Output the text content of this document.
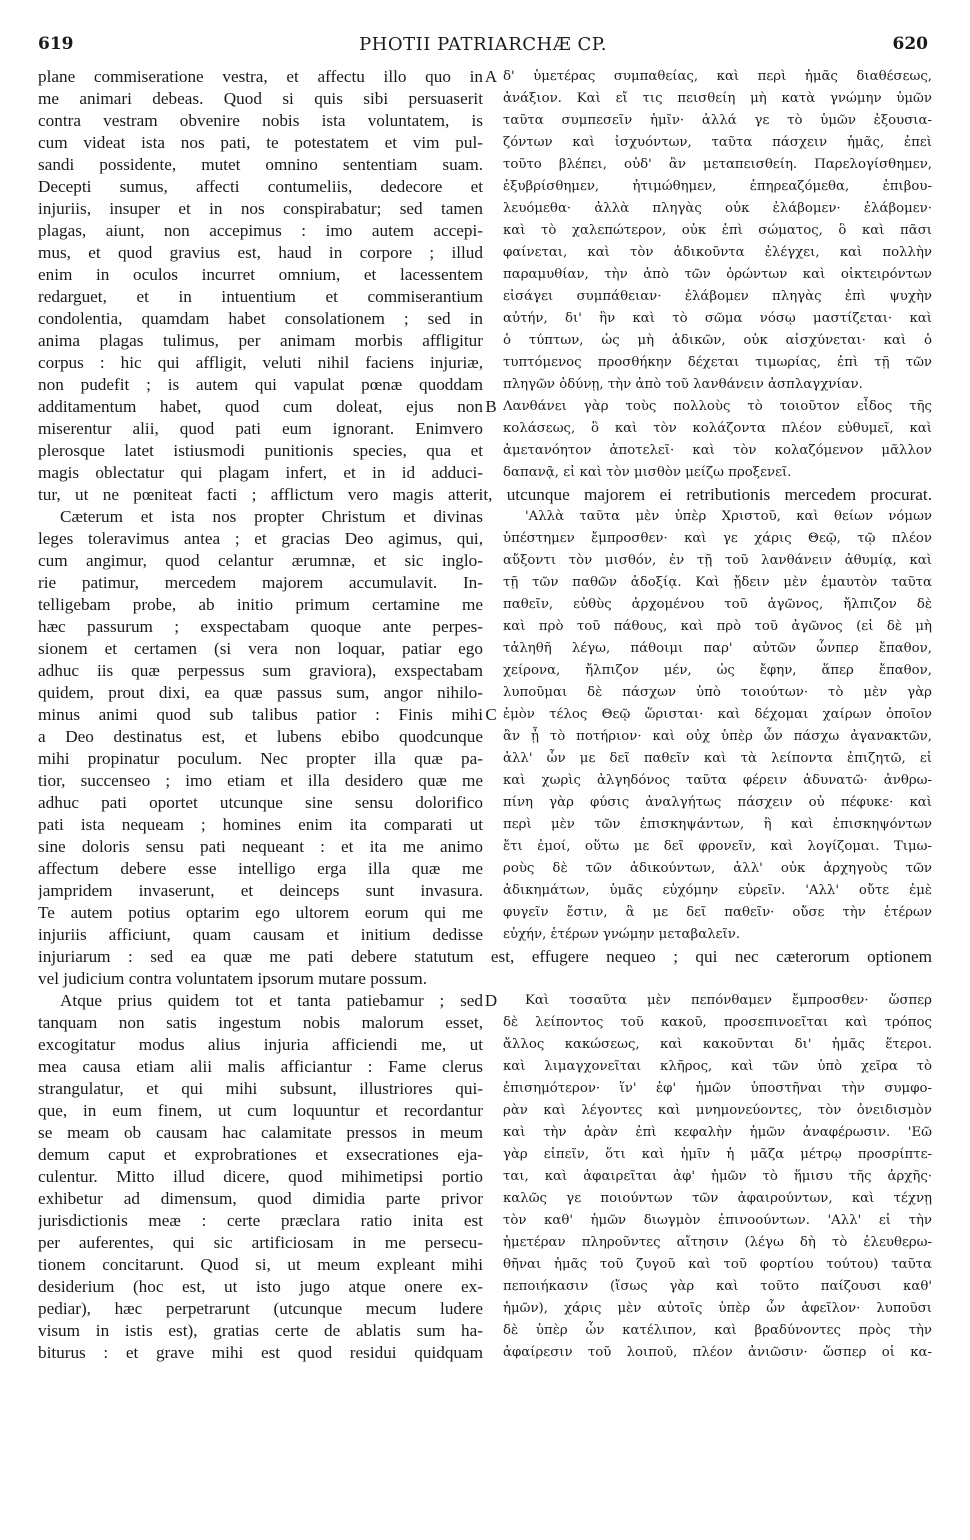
619	PHOTII PATRIARCHÆ CP.	620
plane commiseratione vestra, et affectu illo quo in
me animari debeas. Quod si quis sibi persuaserit
contra vestram obvenire nobis ista voluntatem, is
cum videat ista nos pati, te potestatem et vim pul-
sandi possidente, mutet omnino sententiam suam.
Decepti sumus, affecti contumeliis, dedecore et
injuriis, insuper et in nos conspirabatur; sed tamen
plagas, aiunt, non accepimus : imo autem accepi-
mus, et quod gravius est, haud in corpore ; illud
enim in oculos incurret omnium, et lacessentem
redarguet, et in intuentium et commiserantium
condolentia, quamdam habet consolationem ; sed in
anima plagas tulimus, per animam morbis affligitur
corpus : hic qui affligit, veluti nihil faciens injuriæ,
non pudefit ; is autem qui vapulat pœnæ quoddam
A

δ' ὑμετέρας συμπαθείας, καὶ περὶ ἡμᾶς διαθέσεως,
ἀνάξιον. Καὶ εἴ τις πεισθείη μὴ κατὰ γνώμην ὑμῶν
ταῦτα συμπεσεῖν ἡμῖν· ἀλλά γε τὸ ὑμῶν ἐξουσια-
ζόντων καὶ ἰσχυόντων, ταῦτα πάσχειν ἡμᾶς, ἐπεὶ
τοῦτο βλέπει, οὐδ' ἂν μεταπεισθείη. Παρελογίσθημεν,
ἐξυβρίσθημεν, ἠτιμώθημεν, ἐπηρεαζόμεθα, ἐπιβου-
λευόμεθα· ἀλλὰ πληγὰς οὐκ ἐλάβομεν· ἐλάβομεν·
καὶ τὸ χαλεπώτερον, οὐκ ἐπὶ σώματος, ὃ καὶ πᾶσι
φαίνεται, καὶ τὸν ἀδικοῦντα ἐλέγχει, καὶ πολλὴν
παραμυθίαν, τὴν ἀπὸ τῶν ὁρώντων καὶ οἰκτειρόντων
εἰσάγει συμπάθειαν· ἐλάβομεν πληγὰς ἐπὶ ψυχὴν
αὐτήν, δι' ἣν καὶ τὸ σῶμα νόσῳ μαστίζεται· καὶ
ὁ τύπτων, ὡς μὴ ἀδικῶν, οὐκ αἰσχύνεται· καὶ ὁ
τυπτόμενος προσθήκην δέχεται τιμωρίας, ἐπὶ τῇ τῶν
πληγῶν ὀδύνῃ, τὴν ἀπὸ τοῦ λανθάνειν ἀσπλαγχνίαν.
additamentum habet, quod cum doleat, ejus non
miserentur alii, quod pati eum ignorant. Enimvero
plerosque latet istiusmodi punitionis species, qua et
magis oblectatur qui plagam infert, et in id adduci-
B

Λανθάνει γὰρ τοὺς πολλοὺς τὸ τοιοῦτον εἶδος τῆς
κολάσεως, ὃ καὶ τὸν κολάζοντα πλέον εὐθυμεῖ, καὶ
ἀμετανόητον ἀποτελεῖ· καὶ τὸν κολαζόμενον μᾶλλον
δαπανᾷ, εἰ καὶ τὸν μισθὸν μείζω προξενεῖ.
tur, ut ne pœniteat facti ; afflictum vero magis atterit, utcunque majorem ei retributionis mercedem procurat.
Cæterum et ista nos propter Christum et divinas
leges toleravimus antea ; et gracias Deo agimus, qui,
cum angimur, quod celantur ærumnæ, et sic inglo-
rie patimur, mercedem majorem accumulavit. In-
telligebam probe, ab initio primum certamine me
hæc passurum ; exspectabam quoque ante perpes-
sionem et certamen (si vera non loquar, patiar ego
adhuc iis quæ perpessus sum graviora), exspectabam
quidem, prout dixi, ea quæ passus sum, angor nihilo-
minus animi quod sub talibus patior : Finis mihi
a Deo destinatus est, et lubens ebibo quodcunque
mihi propinatur poculum. Nec propter illa quæ pa-
tior, succenseo ; imo etiam et illa desidero quæ me
adhuc pati oportet utcunque sine sensu dolorifico
pati ista nequeam ; homines enim ita comparati ut
sine doloris sensu pati nequeant : et ita me animo
affectum debere esse intelligo erga illa quæ me
jampridem invaserunt, et deinceps sunt invasura.
Te autem potius optarim ego ultorem eorum qui me
injuriis afficiunt, quam causam et initium dedisse

C

'Αλλὰ ταῦτα μὲν ὑπὲρ Χριστοῦ, καὶ θείων νόμων
ὑπέστημεν ἔμπροσθεν· καὶ γε χάρις Θεῷ, τῷ πλέον
αὔξοντι τὸν μισθόν, ἐν τῇ τοῦ λανθάνειν ἀθυμίᾳ, καὶ
τῇ τῶν παθῶν ἀδοξίᾳ. Καὶ ᾔδειν μὲν ἐμαυτὸν ταῦτα
παθεῖν, εὐθὺς ἀρχομένου τοῦ ἀγῶνος, ἤλπιζον δὲ
καὶ πρὸ τοῦ πάθους, καὶ πρὸ τοῦ ἀγῶνος (εἰ δὲ μὴ
τἀληθῆ λέγω, πάθοιμι παρ' αὐτῶν ὧνπερ ἔπαθον,
χείρονα, ἤλπιζον μέν, ὡς ἔφην, ἅπερ ἔπαθον,
λυποῦμαι δὲ πάσχων ὑπὸ τοιούτων· τὸ μὲν γὰρ
ἐμὸν τέλος Θεῷ ὥρισται· καὶ δέχομαι χαίρων ὁποῖον
ἂν ᾖ τὸ ποτήριον· καὶ οὐχ ὑπὲρ ὧν πάσχω ἀγανακτῶν,
ἀλλ' ὧν με δεῖ παθεῖν καὶ τὰ λείποντα ἐπιζητῶ, εἰ
καὶ χωρὶς ἀλγηδόνος ταῦτα φέρειν ἀδυνατῶ· ἀνθρω-
πίνη γὰρ φύσις ἀναλγήτως πάσχειν οὐ πέφυκε· καὶ
περὶ μὲν τῶν ἐπισκηψάντων, ἢ καὶ ἐπισκηψόντων
ἔτι ἐμοί, οὕτω με δεῖ φρονεῖν, καὶ λογίζομαι. Τιμω-
ροὺς δὲ τῶν ἀδικούντων, ἀλλ' οὐκ ἀρχηγοὺς τῶν
ἀδικημάτων, ὑμᾶς εὐχόμην εὑρεῖν. 'Αλλ' οὔτε ἐμὲ
φυγεῖν ἔστιν, ἃ με δεῖ παθεῖν· οὔσε τὴν ἑτέρων
εὐχήν, ἑτέρων γνώμην μεταβαλεῖν.
injuriarum : sed ea quæ me pati debere statutum est, effugere nequeo ; qui nec cæterorum optionem
vel judicium contra voluntatem ipsorum mutare possum.
Atque prius quidem tot et tanta patiebamur ; sed
tanquam non satis ingestum nobis malorum esset,
excogitatur modus alius injuria afficiendi me, ut
mea causa etiam alii malis afficiantur : Fame clerus
strangulatur, et qui mihi subsunt, illustriores qui-
que, in eum finem, ut cum loquuntur et recordantur
se meam ob causam hac calamitate pressos in meum
demum caput et exprobrationes et exsecrationes eja-
culentur. Mitto illud dicere, quod mihimetipsi portio
exhibetur ad dimensum, quod dimidia parte privor
jurisdictionis meæ : certe præclara ratio inita est
per auferentes, qui sic artificiosam in me persecu-
tionem concitarunt. Quod si, ut meum expleant mihi
desiderium (hoc est, ut isto jugo atque onere ex-
pediar), hæc perpetrarunt (utcunque mecum ludere
visum in istis est), gratias certe de ablatis sum ha-
biturus : et grave mihi est quod residui quidquam
D

	Καὶ τοσαῦτα μὲν πεπόνθαμεν ἔμπροσθεν· ὥσπερ
δὲ λείποντος τοῦ κακοῦ, προσεπινοεῖται καὶ τρόπος
ἄλλος κακώσεως, καὶ κακοῦνται δι' ἡμᾶς ἕτεροι.
καὶ λιμαγχονεῖται κλῆρος, καὶ τῶν ὑπὸ χεῖρα τὸ
ἐπισημότερον· ἵν' ἐφ' ἡμῶν ὑποστῆναι τὴν συμφο-
ρὰν καὶ λέγοντες καὶ μνημονεύοντες, τὸν ὀνειδισμὸν
καὶ τὴν ἀρὰν ἐπὶ κεφαλὴν ἡμῶν ἀναφέρωσιν. 'Εῶ
γὰρ εἰπεῖν, ὅτι καὶ ἡμῖν ἡ μᾶζα μέτρῳ προσρίπτε-
ται, καὶ ἀφαιρεῖται ἀφ' ἡμῶν τὸ ἥμισυ τῆς ἀρχῆς·
καλῶς γε ποιούντων τῶν ἀφαιρούντων, καὶ τέχνῃ
τὸν καθ' ἡμῶν διωγμὸν ἐπινοούντων. 'Αλλ' εἰ τὴν
ἡμετέραν πληροῦντες αἴτησιν (λέγω δὴ τὸ ἐλευθερω-
θῆναι ἡμᾶς τοῦ ζυγοῦ καὶ τοῦ φορτίου τούτου) ταῦτα
πεποιήκασιν (ἴσως γὰρ καὶ τοῦτο παίζουσι καθ'
ἡμῶν), χάρις μὲν αὐτοῖς ὑπὲρ ὧν ἀφεῖλον· λυποῦσι
δὲ ὑπὲρ ὧν κατέλιπον, καὶ βραδύνοντες πρὸς τὴν
ἀφαίρεσιν τοῦ λοιποῦ, πλέον ἀνιῶσιν· ὥσπερ οἱ κα-
